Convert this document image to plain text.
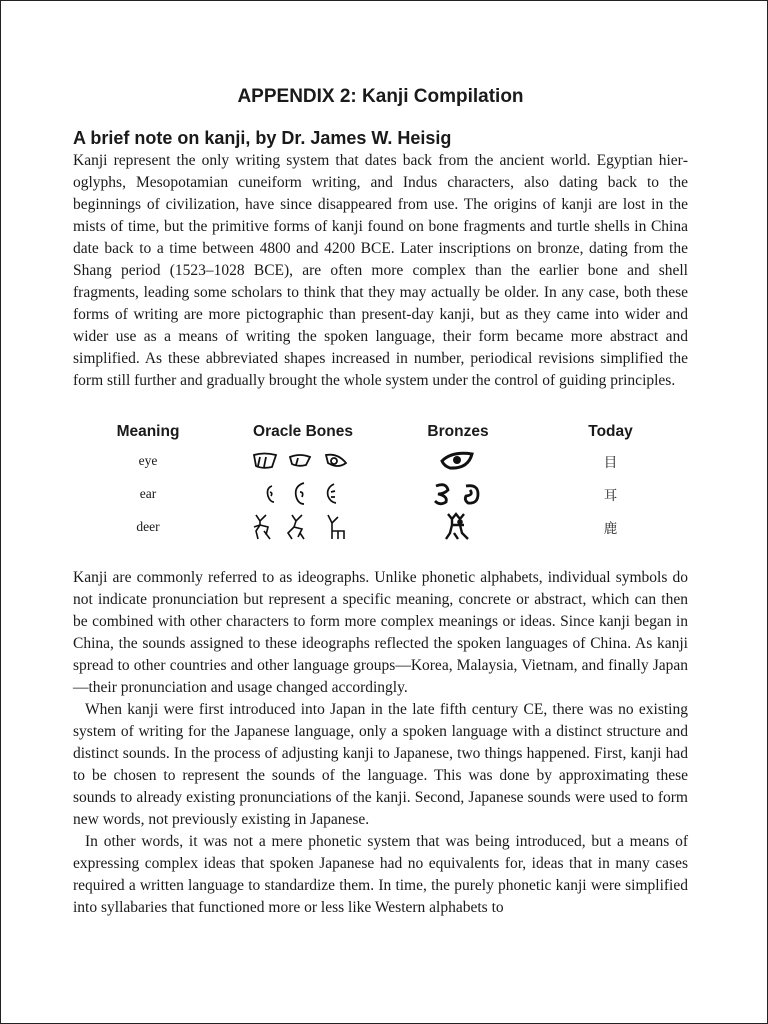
APPENDIX 2: Kanji Compilation
A brief note on kanji, by Dr. James W. Heisig

Kanji represent the only writing system that dates back from the ancient world. Egyptian hieroglyphs, Mesopotamian cuneiform writing, and Indus characters, also dating back to the beginnings of civilization, have since disappeared from use. The origins of kanji are lost in the mists of time, but the primitive forms of kanji found on bone fragments and turtle shells in China date back to a time between 4800 and 4200 BCE. Later inscriptions on bronze, dating from the Shang period (1523–1028 BCE), are often more complex than the earlier bone and shell fragments, leading some scholars to think that they may actually be older. In any case, both these forms of writing are more pictographic than present-day kanji, but as they came into wider and wider use as a means of writing the spoken language, their form became more abstract and simplified. As these abbreviated shapes increased in number, periodical revisions simplified the form still further and gradually brought the whole system under the control of guiding principles.

Meaning	Oracle Bones	Bronzes	Today
eye			目
ear			耳
deer			鹿

Kanji are commonly referred to as ideographs. Unlike phonetic alphabets, individual symbols do not indicate pronunciation but represent a specific meaning, concrete or abstract, which can then be combined with other characters to form more complex meanings or ideas. Since kanji began in China, the sounds assigned to these ideographs reflected the spoken languages of China. As kanji spread to other countries and other language groups—Korea, Malaysia, Vietnam, and finally Japan—their pronunciation and usage changed accordingly.

When kanji were first introduced into Japan in the late fifth century CE, there was no existing system of writing for the Japanese language, only a spoken language with a distinct structure and distinct sounds. In the process of adjusting kanji to Japanese, two things happened. First, kanji had to be chosen to represent the sounds of the language. This was done by approximating these sounds to already existing pronunciations of the kanji. Second, Japanese sounds were used to form new words, not previously existing in Japanese.

In other words, it was not a mere phonetic system that was being introduced, but a means of expressing complex ideas that spoken Japanese had no equivalents for, ideas that in many cases required a written language to standardize them. In time, the purely phonetic kanji were simplified into syllabaries that functioned more or less like Western alphabets to
